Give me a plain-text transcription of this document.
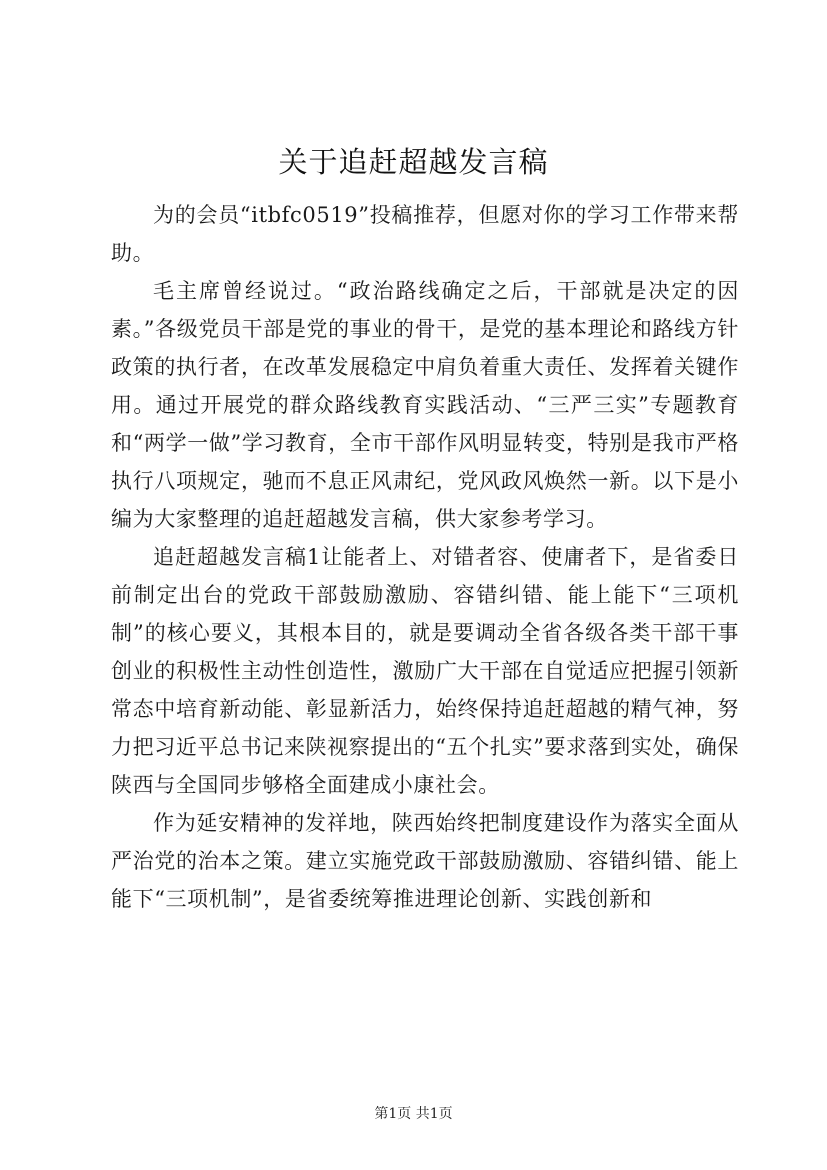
关于追赶超越发言稿

为的会员“itbfc0519”投稿推荐，但愿对你的学习工作带来帮助。

毛主席曾经说过。“政治路线确定之后，干部就是决定的因素。”各级党员干部是党的事业的骨干，是党的基本理论和路线方针政策的执行者，在改革发展稳定中肩负着重大责任、发挥着关键作用。通过开展党的群众路线教育实践活动、“三严三实”专题教育和“两学一做”学习教育，全市干部作风明显转变，特别是我市严格执行八项规定，驰而不息正风肃纪，党风政风焕然一新。以下是小编为大家整理的追赶超越发言稿，供大家参考学习。

追赶超越发言稿1让能者上、对错者容、使庸者下，是省委日前制定出台的党政干部鼓励激励、容错纠错、能上能下“三项机制”的核心要义，其根本目的，就是要调动全省各级各类干部干事创业的积极性主动性创造性，激励广大干部在自觉适应把握引领新常态中培育新动能、彰显新活力，始终保持追赶超越的精气神，努力把习近平总书记来陕视察提出的“五个扎实”要求落到实处，确保陕西与全国同步够格全面建成小康社会。

作为延安精神的发祥地，陕西始终把制度建设作为落实全面从严治党的治本之策。建立实施党政干部鼓励激励、容错纠错、能上能下“三项机制”，是省委统筹推进理论创新、实践创新和

第1页 共1页
